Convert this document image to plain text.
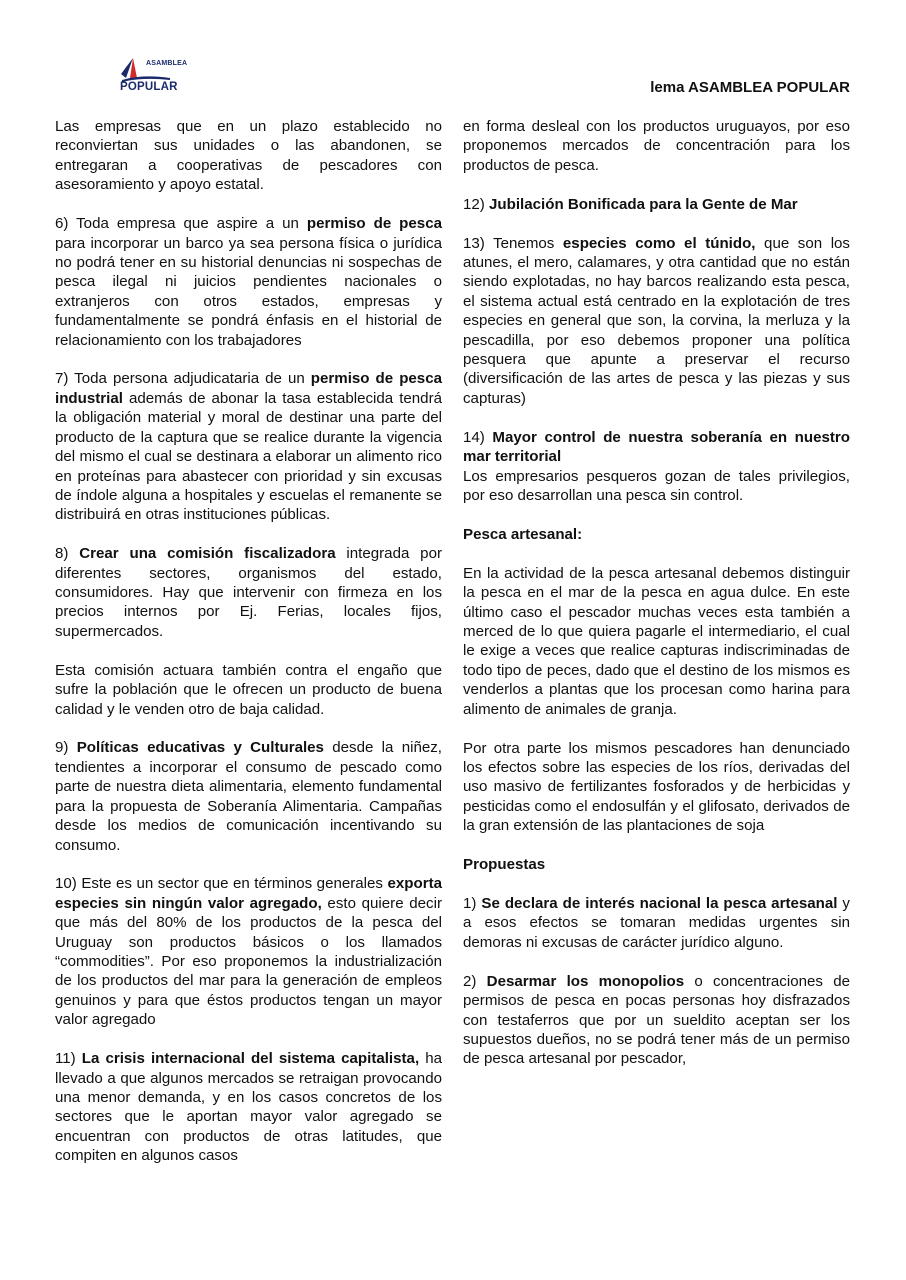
ASAMBLEA
POPULAR	lema ASAMBLEA POPULAR

Las empresas que en un plazo establecido no reconviertan sus unidades o las abandonen, se entregaran a cooperativas de pescadores con asesoramiento y apoyo estatal.

6) Toda empresa que aspire a un permiso de pesca para incorporar un barco ya sea persona física o jurídica no podrá tener en su historial denuncias ni sospechas de pesca ilegal ni juicios pendientes nacionales o extranjeros con otros estados, empresas y fundamentalmente se pondrá énfasis en el historial de relacionamiento con los trabajadores

7) Toda persona adjudicataria de un permiso de pesca industrial además de abonar la tasa establecida tendrá la obligación material y moral de destinar una parte del producto de la captura que se realice durante la vigencia del mismo el cual se destinara a elaborar un alimento rico en proteínas para abastecer con prioridad y sin excusas de índole alguna a hospitales y escuelas el remanente se distribuirá en otras instituciones públicas.

8) Crear una comisión fiscalizadora integrada por diferentes sectores, organismos del estado, consumidores. Hay que intervenir con firmeza en los precios internos por Ej. Ferias, locales fijos, supermercados.

Esta comisión actuara también contra el engaño que sufre la población que le ofrecen un producto de buena calidad y le venden otro de baja calidad.

9) Políticas educativas y Culturales desde la niñez, tendientes a incorporar el consumo de pescado como parte de nuestra dieta alimentaria, elemento fundamental para la propuesta de Soberanía Alimentaria. Campañas desde los medios de comunicación incentivando su consumo.

10) Este es un sector que en términos generales exporta especies sin ningún valor agregado, esto quiere decir que más del 80% de los productos de la pesca del Uruguay son productos básicos o los llamados “commodities”. Por eso proponemos la industrialización de los productos del mar para la generación de empleos genuinos y para que éstos productos tengan un mayor valor agregado

11) La crisis internacional del sistema capitalista, ha llevado a que algunos mercados se retraigan provocando una menor demanda, y en los casos concretos de los sectores que le aportan mayor valor agregado se encuentran con productos de otras latitudes, que compiten en algunos casos

en forma desleal con los productos uruguayos, por eso proponemos mercados de concentración para los productos de pesca.

12) Jubilación Bonificada para la Gente de Mar

13) Tenemos especies como el túnido, que son los atunes, el mero, calamares, y otra cantidad que no están siendo explotadas, no hay barcos realizando esta pesca, el sistema actual está centrado en la explotación de tres especies en general que son, la corvina, la merluza y la pescadilla, por eso debemos proponer una política pesquera que apunte a preservar el recurso (diversificación de las artes de pesca y las piezas y sus capturas)

14) Mayor control de nuestra soberanía en nuestro mar territorial
Los empresarios pesqueros gozan de tales privilegios, por eso desarrollan una pesca sin control.

Pesca artesanal:

En la actividad de la pesca artesanal debemos distinguir la pesca en el mar de la pesca en agua dulce. En este último caso el pescador muchas veces esta también a merced de lo que quiera pagarle el intermediario, el cual le exige a veces que realice capturas indiscriminadas de todo tipo de peces, dado que el destino de los mismos es venderlos a plantas que los procesan como harina para alimento de animales de granja.

Por otra parte los mismos pescadores han denunciado los efectos sobre las especies de los ríos, derivadas del uso masivo de fertilizantes fosforados y de herbicidas y pesticidas como el endosulfán y el glifosato, derivados de la gran extensión de las plantaciones de soja

Propuestas

1) Se declara de interés nacional la pesca artesanal y a esos efectos se tomaran medidas urgentes sin demoras ni excusas de carácter jurídico alguno.

2) Desarmar los monopolios o concentraciones de permisos de pesca en pocas personas hoy disfrazados con testaferros que por un sueldito aceptan ser los supuestos dueños, no se podrá tener más de un permiso de pesca artesanal por pescador,
